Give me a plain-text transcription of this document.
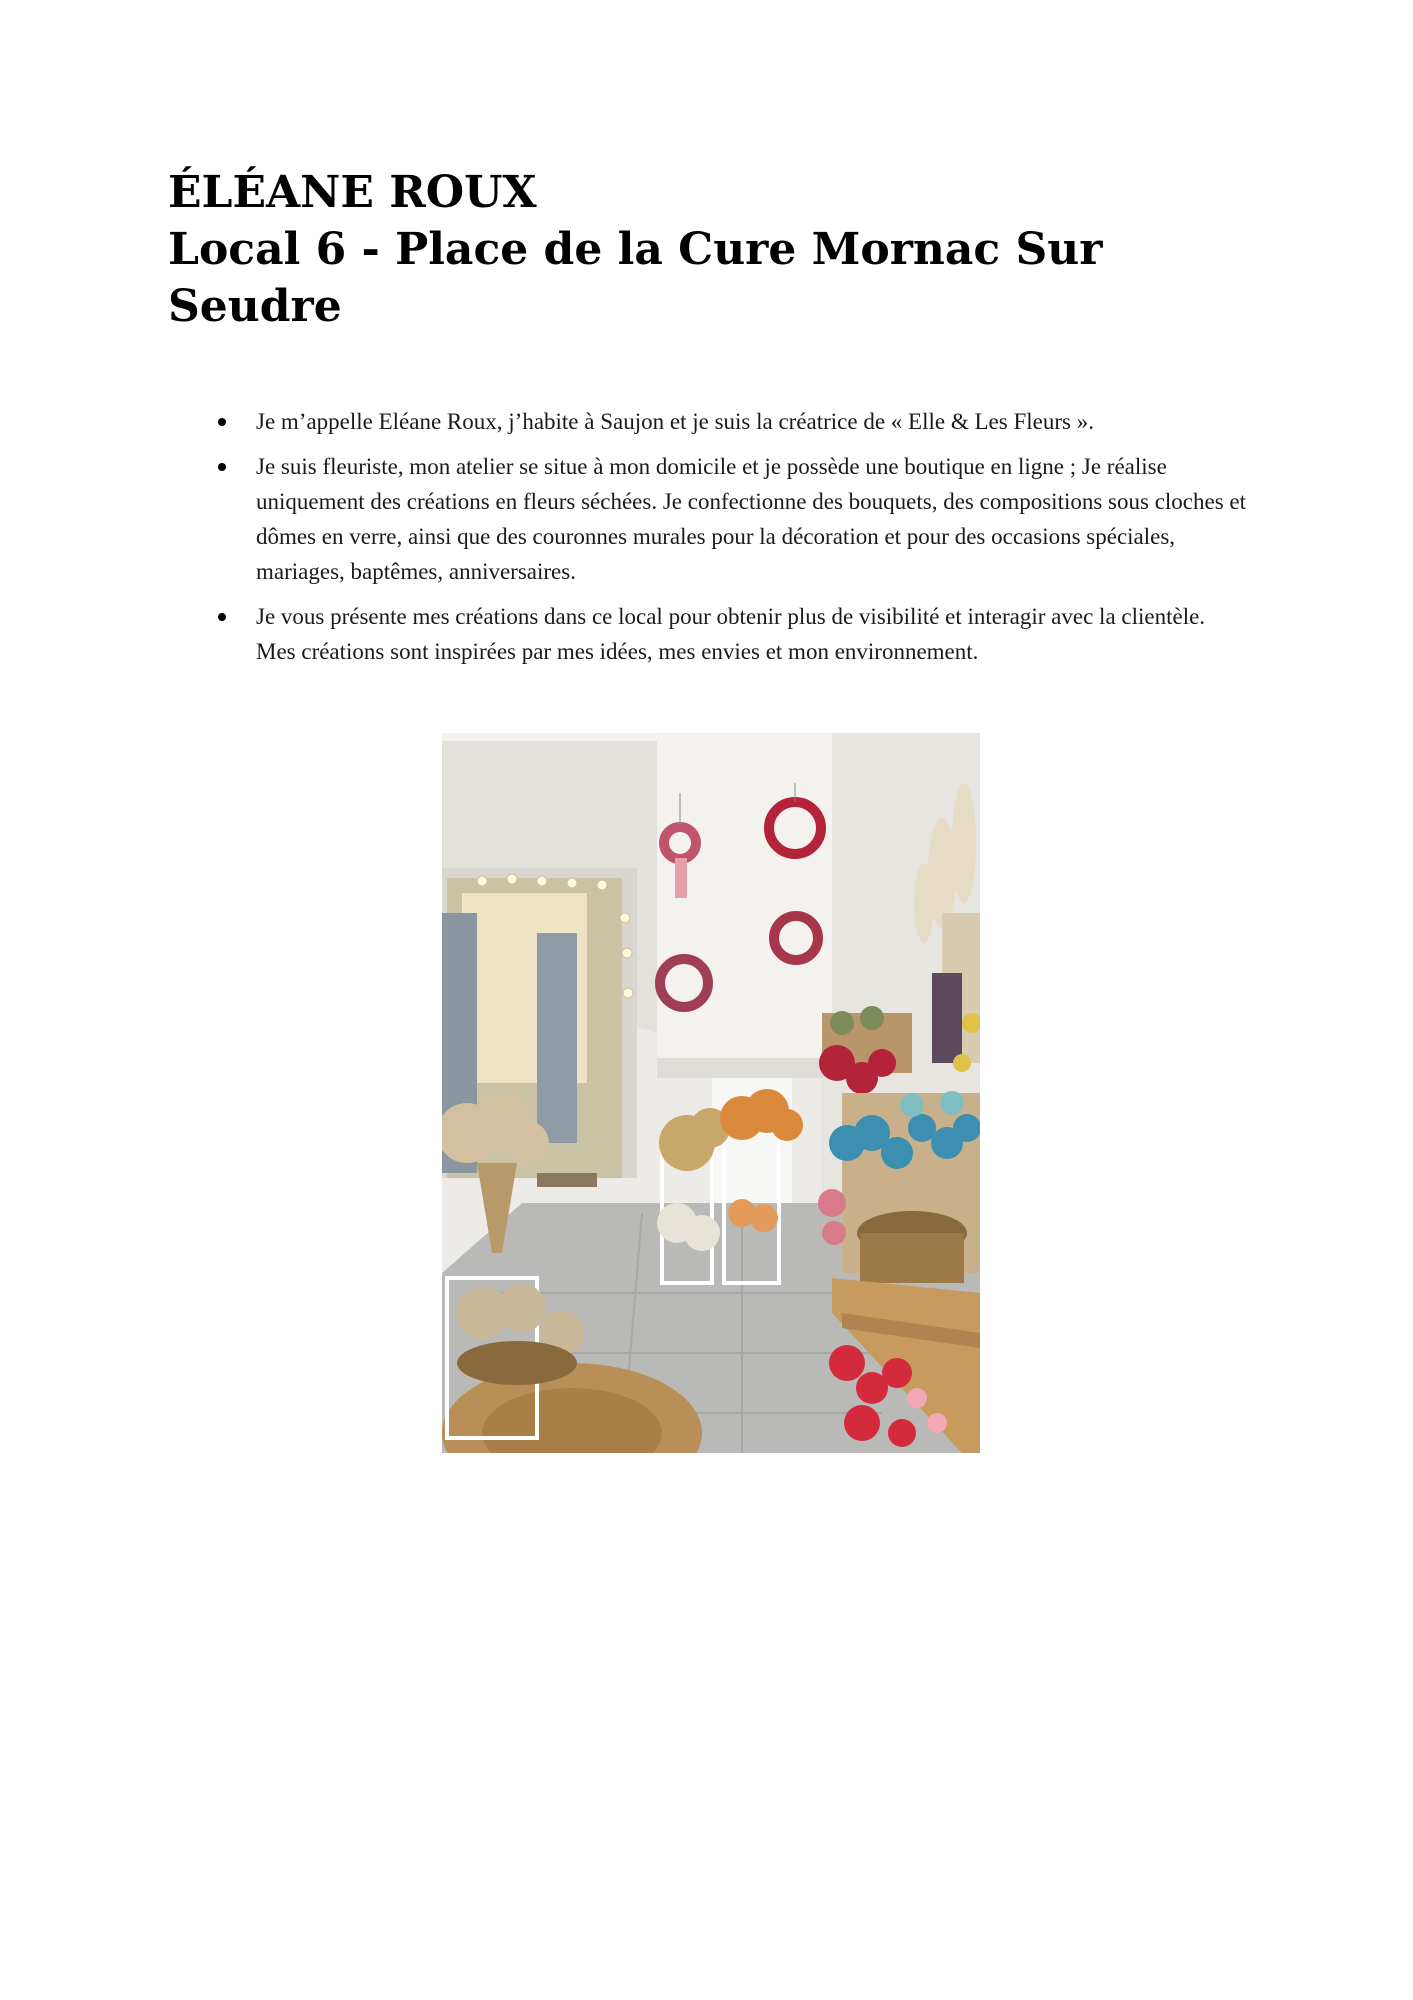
ÉLÉANE ROUX
Local 6 - Place de la Cure Mornac Sur
Seudre
Je m’appelle Eléane Roux, j’habite à Saujon et je suis la créatrice de « Elle & Les Fleurs ».
Je suis fleuriste, mon atelier se situe à mon domicile et je possède une boutique en ligne ; Je réalise uniquement des créations en fleurs séchées. Je confectionne des bouquets, des compositions sous cloches et dômes en verre, ainsi que des couronnes murales pour la décoration et pour des occasions spéciales, mariages, baptêmes, anniversaires.
Je vous présente mes créations dans ce local pour obtenir plus de visibilité et interagir avec la clientèle. Mes créations sont inspirées par mes idées, mes envies et mon environnement.
